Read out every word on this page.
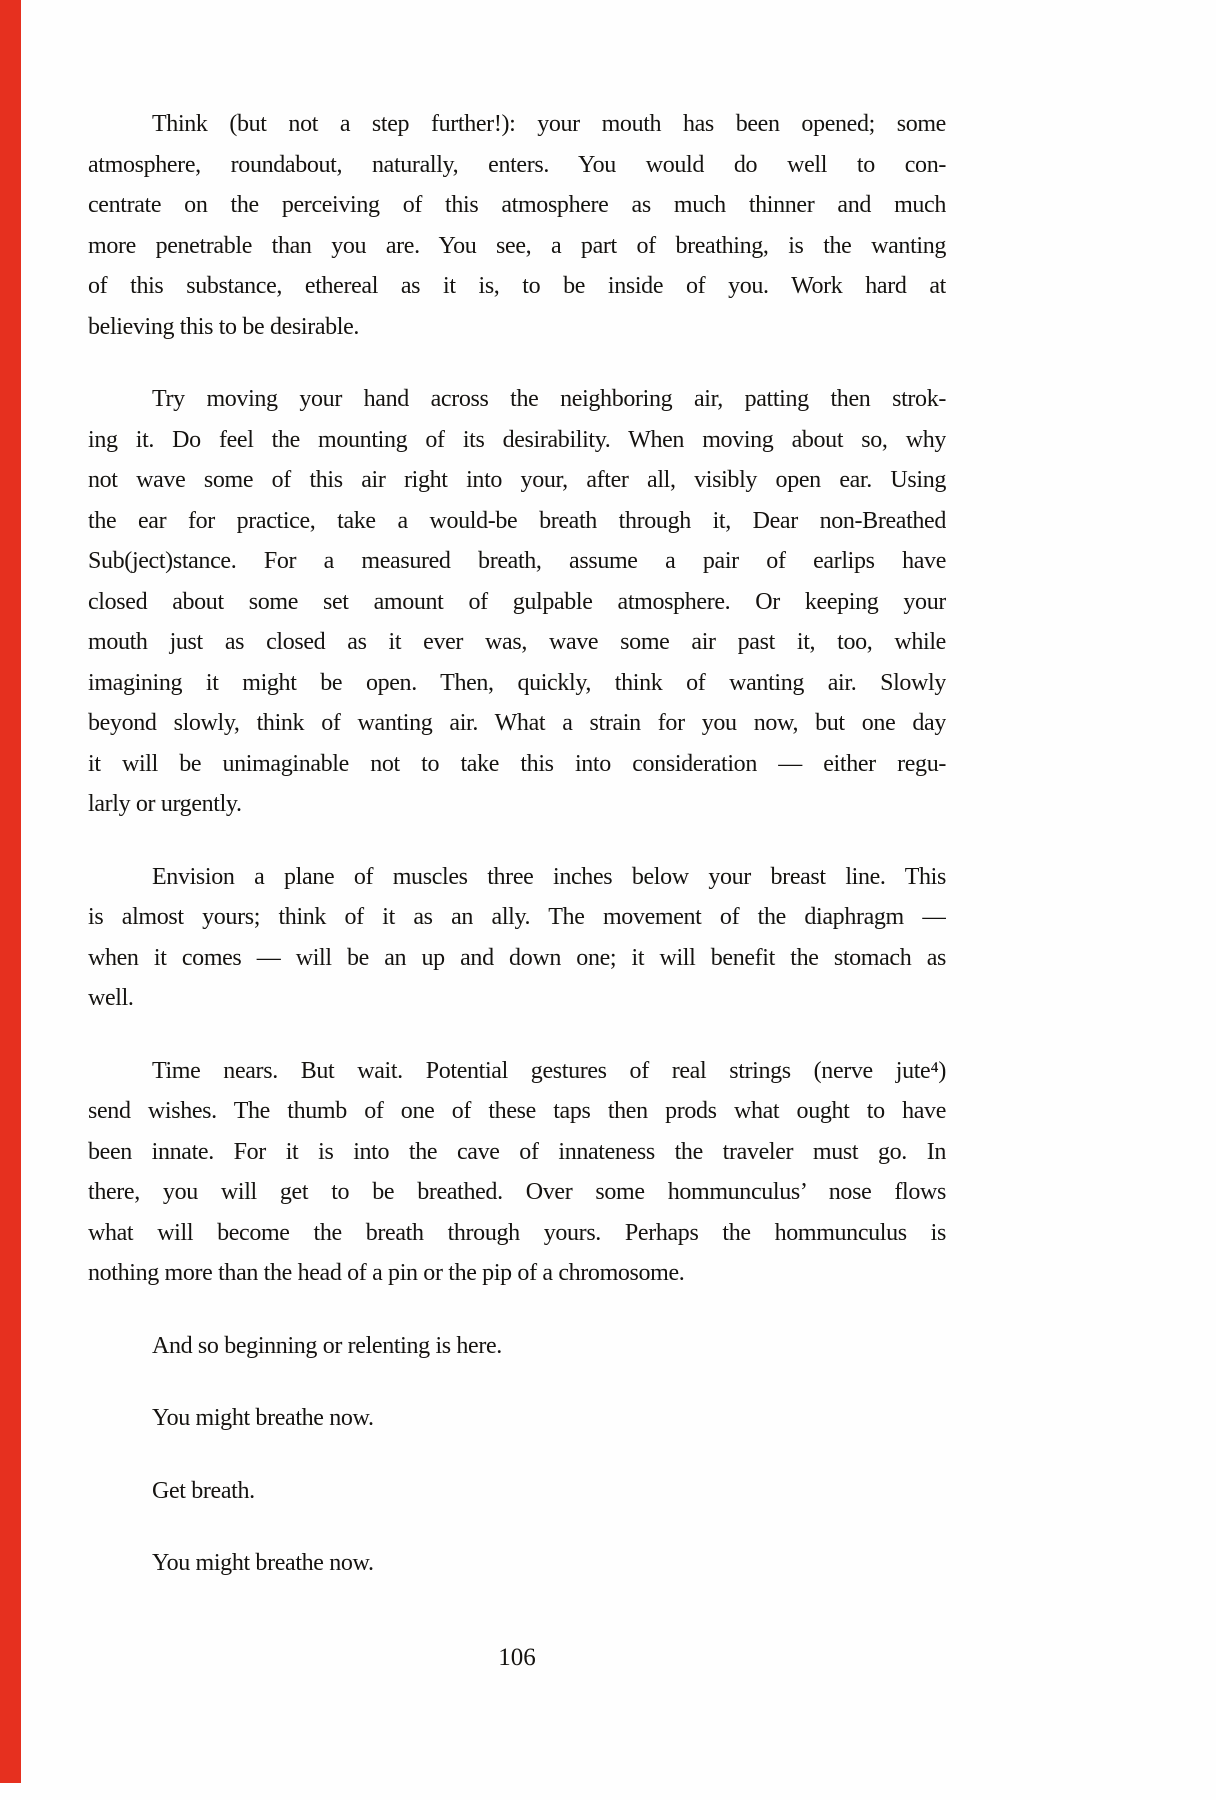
Think (but not a step further!): your mouth has been opened; some
atmosphere, roundabout, naturally, enters. You would do well to con-
centrate on the perceiving of this atmosphere as much thinner and much
more penetrable than you are. You see, a part of breathing, is the wanting
of this substance, ethereal as it is, to be inside of you. Work hard at
believing this to be desirable.
Try moving your hand across the neighboring air, patting then strok-
ing it. Do feel the mounting of its desirability. When moving about so, why
not wave some of this air right into your, after all, visibly open ear. Using
the ear for practice, take a would-be breath through it, Dear non-Breathed
Sub(ject)stance. For a measured breath, assume a pair of earlips have
closed about some set amount of gulpable atmosphere. Or keeping your
mouth just as closed as it ever was, wave some air past it, too, while
imagining it might be open. Then, quickly, think of wanting air. Slowly
beyond slowly, think of wanting air. What a strain for you now, but one day
it will be unimaginable not to take this into consideration — either regu-
larly or urgently.
Envision a plane of muscles three inches below your breast line. This
is almost yours; think of it as an ally. The movement of the diaphragm —
when it comes — will be an up and down one; it will benefit the stomach as
well.
Time nears. But wait. Potential gestures of real strings (nerve jute⁴)
send wishes. The thumb of one of these taps then prods what ought to have
been innate. For it is into the cave of innateness the traveler must go. In
there, you will get to be breathed. Over some hommunculus’ nose flows
what will become the breath through yours. Perhaps the hommunculus is
nothing more than the head of a pin or the pip of a chromosome.
And so beginning or relenting is here.
You might breathe now.
Get breath.
You might breathe now.
106
